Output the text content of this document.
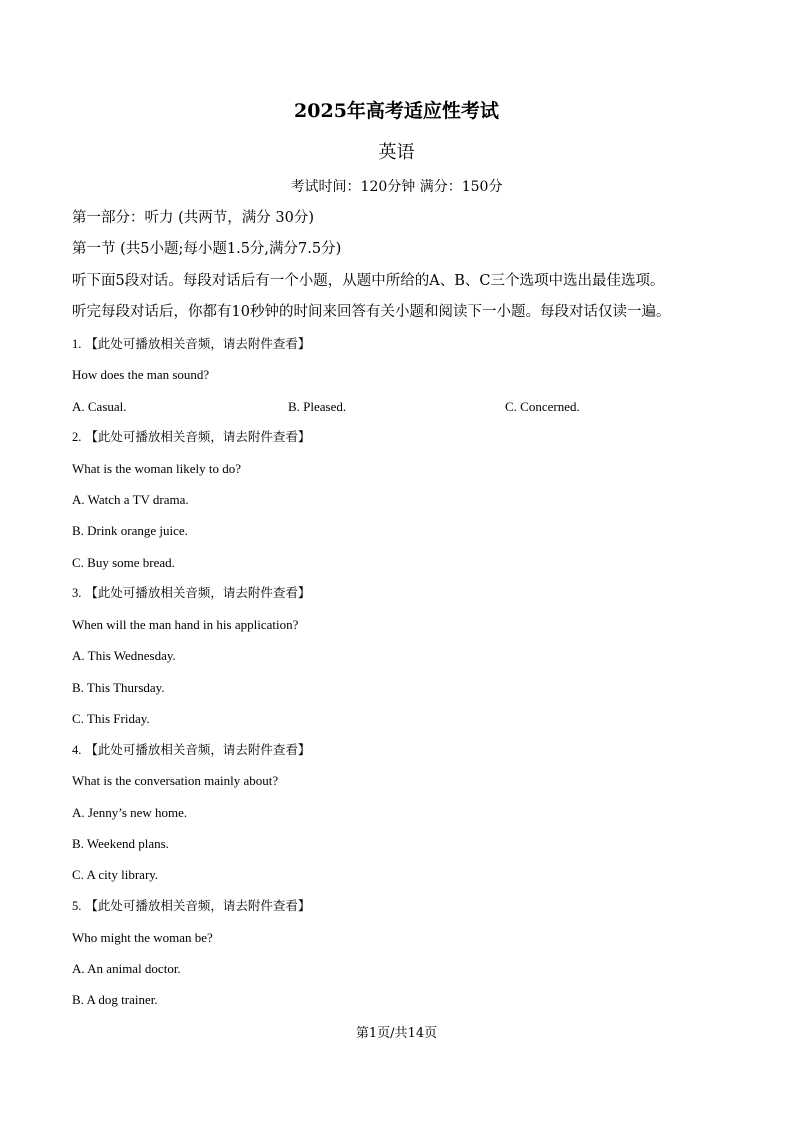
2025年高考适应性考试
英语
考试时间：120分钟 满分：150分
第一部分：听力 (共两节，满分 30分)
第一节 (共5小题;每小题1.5分,满分7.5分)
听下面5段对话。每段对话后有一个小题，从题中所给的A、B、C三个选项中选出最佳选项。
听完每段对话后，你都有10秒钟的时间来回答有关小题和阅读下一小题。每段对话仅读一遍。
1. 【此处可播放相关音频，请去附件查看】
How does the man sound?
A. Casual.	B. Pleased.	C. Concerned.
2. 【此处可播放相关音频，请去附件查看】
What is the woman likely to do?
A. Watch a TV drama.
B. Drink orange juice.
C. Buy some bread.
3. 【此处可播放相关音频，请去附件查看】
When will the man hand in his application?
A. This Wednesday.
B. This Thursday.
C. This Friday.
4. 【此处可播放相关音频，请去附件查看】
What is the conversation mainly about?
A. Jenny’s new home.
B. Weekend plans.
C. A city library.
5. 【此处可播放相关音频，请去附件查看】
Who might the woman be?
A. An animal doctor.
B. A dog trainer.
第1页/共14页
